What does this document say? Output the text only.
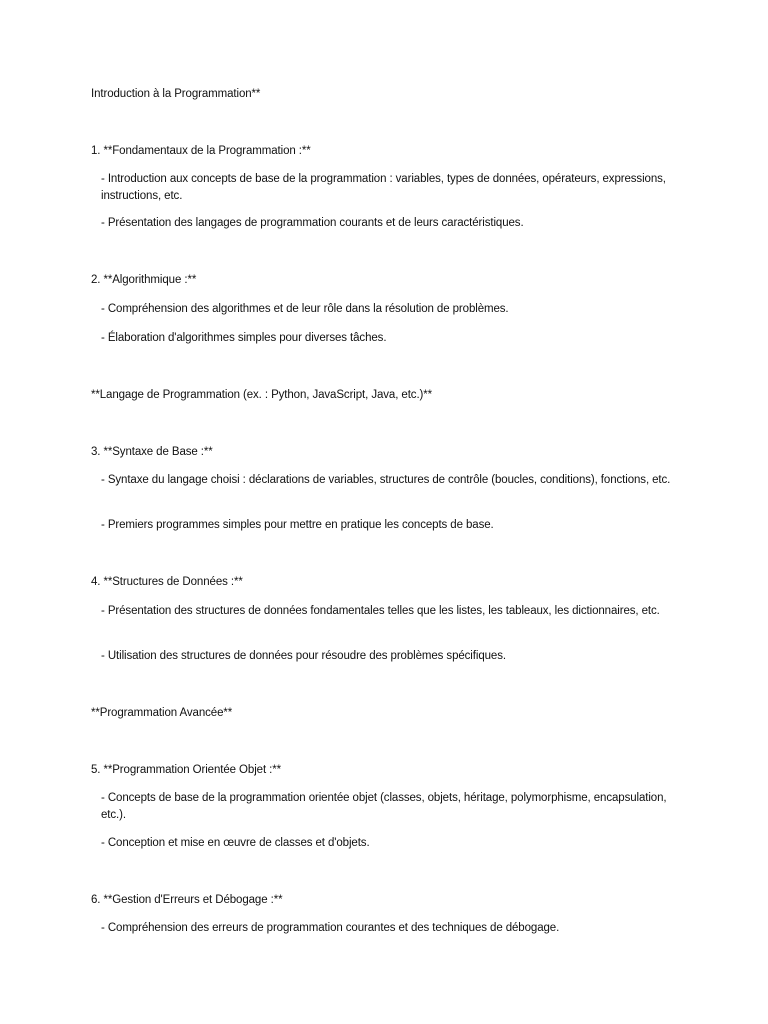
Introduction à la Programmation**
1. **Fondamentaux de la Programmation :**
- Introduction aux concepts de base de la programmation : variables, types de données, opérateurs, expressions, instructions, etc.
- Présentation des langages de programmation courants et de leurs caractéristiques.
2. **Algorithmique :**
- Compréhension des algorithmes et de leur rôle dans la résolution de problèmes.
- Élaboration d'algorithmes simples pour diverses tâches.
**Langage de Programmation (ex. : Python, JavaScript, Java, etc.)**
3. **Syntaxe de Base :**
- Syntaxe du langage choisi : déclarations de variables, structures de contrôle (boucles, conditions), fonctions, etc.
- Premiers programmes simples pour mettre en pratique les concepts de base.
4. **Structures de Données :**
- Présentation des structures de données fondamentales telles que les listes, les tableaux, les dictionnaires, etc.
- Utilisation des structures de données pour résoudre des problèmes spécifiques.
**Programmation Avancée**
5. **Programmation Orientée Objet :**
- Concepts de base de la programmation orientée objet (classes, objets, héritage, polymorphisme, encapsulation, etc.).
- Conception et mise en œuvre de classes et d'objets.
6. **Gestion d'Erreurs et Débogage :**
- Compréhension des erreurs de programmation courantes et des techniques de débogage.
